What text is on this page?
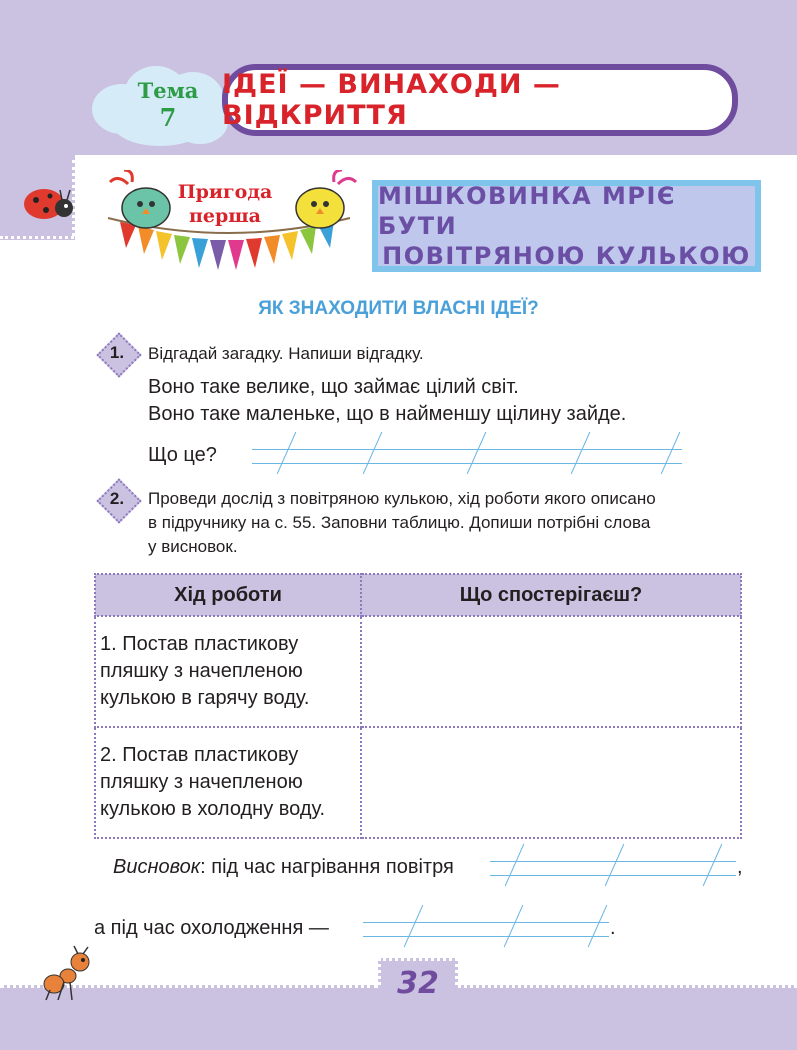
Тема
7
ІДЕЇ — ВИНАХОДИ — ВІДКРИТТЯ
Пригода
перша
МІШКОВИНКА МРІЄ БУТИ
ПОВІТРЯНОЮ КУЛЬКОЮ
ЯК ЗНАХОДИТИ ВЛАСНІ ІДЕЇ?
1.	Відгадай загадку. Напиши відгадку.
Воно таке велике, що займає цілий світ.
Воно таке маленьке, що в найменшу щілину зайде.
Що це?
2.	Проведи дослід з повітряною кулькою, хід роботи якого описано
в підручнику на с. 55. Заповни таблицю. Допиши потрібні слова
у висновок.
Хід роботи	Що спостерігаєш?

1. Постав пластикову
пляшку з начепленою
кулькою в гарячу воду.	

2. Постав пластикову
пляшку з начепленою
кулькою в холодну воду.	

Висновок: під час нагрівання повітря	,
а під час охолодження —	.
32
